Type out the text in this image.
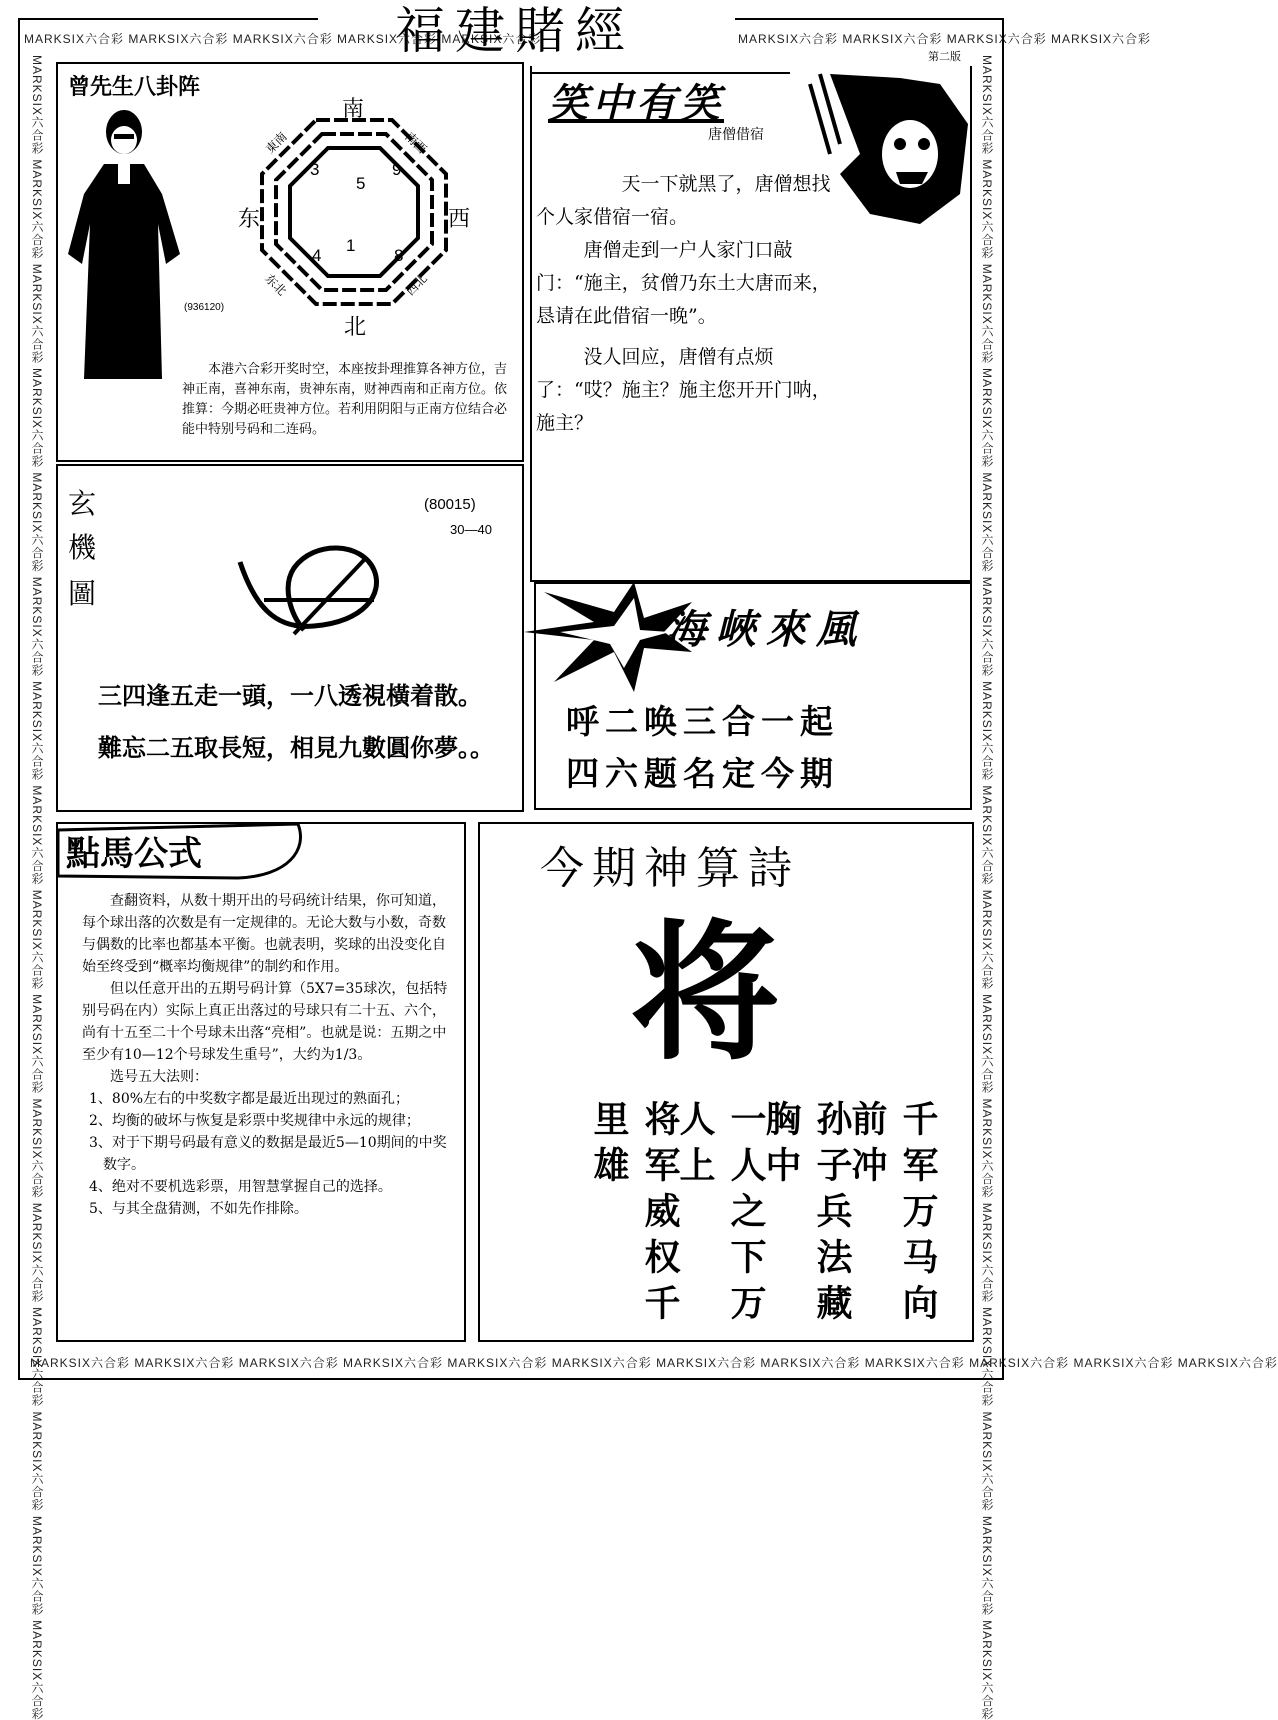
MARKSIX六合彩 MARKSIX六合彩 MARKSIX六合彩 MARKSIX六合彩 MARKSIX六合彩	MARKSIX六合彩 MARKSIX六合彩 MARKSIX六合彩 MARKSIX六合彩
MARKSIX六合彩 MARKSIX六合彩 MARKSIX六合彩 MARKSIX六合彩 MARKSIX六合彩 MARKSIX六合彩 MARKSIX六合彩 MARKSIX六合彩 MARKSIX六合彩 MARKSIX六合彩 MARKSIX六合彩 MARKSIX六合彩
MARKSIX六合彩 MARKSIX六合彩 MARKSIX六合彩 MARKSIX六合彩 MARKSIX六合彩 MARKSIX六合彩 MARKSIX六合彩 MARKSIX六合彩 MARKSIX六合彩 MARKSIX六合彩 MARKSIX六合彩 MARKSIX六合彩 MARKSIX六合彩 MARKSIX六合彩 MARKSIX六合彩 MARKSIX六合彩	MARKSIX六合彩 MARKSIX六合彩 MARKSIX六合彩 MARKSIX六合彩 MARKSIX六合彩 MARKSIX六合彩 MARKSIX六合彩 MARKSIX六合彩 MARKSIX六合彩 MARKSIX六合彩 MARKSIX六合彩 MARKSIX六合彩 MARKSIX六合彩 MARKSIX六合彩 MARKSIX六合彩 MARKSIX六合彩
福建賭經	第二版
曾先生八卦阵
(936120)
南
北
东	西
東南	南西
东北	西北
3	9
5
1
4	8
本港六合彩开奖时空，本座按卦理推算各神方位，吉神正南，喜神东南，贵神东南，财神西南和正南方位。依推算：今期必旺贵神方位。若利用阴阳与正南方位结合必能中特别号码和二连码。
笑中有笑
唐僧借宿

天一下就黑了，唐僧想找个人家借宿一宿。

唐僧走到一户人家门口敲门：“施主，贫僧乃东土大唐而来，恳请在此借宿一晚”。

没人回应，唐僧有点烦了：“哎？施主？施主您开开门呐，施主？

玄
機
圖
(80015)
30—40
三四逢五走一頭，一八透視橫着散。
難忘二五取長短，相見九數圓你夢。。
海峽來風
呼二唤三合一起
四六题名定今期
點馬公式
查翻资料，从数十期开出的号码统计结果，你可知道，每个球出落的次数是有一定规律的。无论大数与小数，奇数与偶数的比率也都基本平衡。也就表明，奖球的出没变化自始至终受到“概率均衡规律”的制约和作用。
但以任意开出的五期号码计算（5X7=35球次，包括特别号码在内）实际上真正出落过的号球只有二十五、六个，尚有十五至二十个号球未出落“亮相”。也就是说：五期之中至少有10—12个号球发生重号”，大约为1/3。
选号五大法则：
1、80%左右的中奖数字都是最近出现过的熟面孔；
2、均衡的破坏与恢复是彩票中奖规律中永远的规律；
3、对于下期号码最有意义的数据是最近5—10期间的中奖数字。
4、绝对不要机选彩票，用智慧掌握自己的选择。
5、与其全盘猜测，不如先作排除。
今期神算詩
将
千军万马向前冲
孙子兵法藏胸中
一人之下万人上
将军威权千里雄
